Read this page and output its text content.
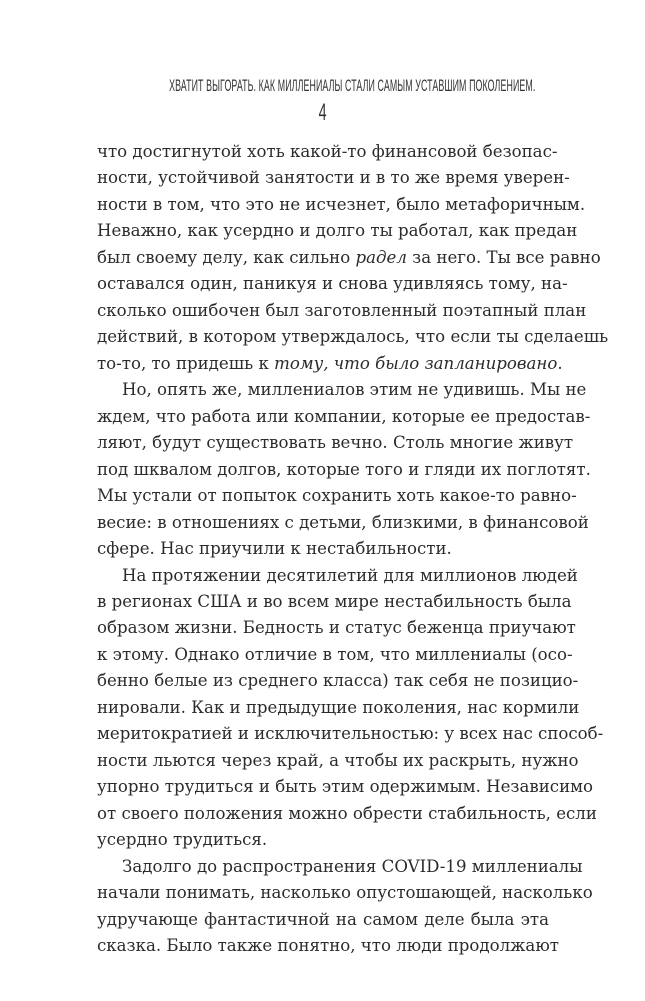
ХВАТИТ ВЫГОРАТЬ. КАК МИЛЛЕНИАЛЫ СТАЛИ САМЫМ УСТАВШИМ ПОКОЛЕНИЕМ.
4
что достигнутой хоть какой-то финансовой безопас-
ности, устойчивой занятости и в то же время уверен-
ности в том, что это не исчезнет, было метафоричным.
Неважно, как усердно и долго ты работал, как предан
был своему делу, как сильно радел за него. Ты все равно
оставался один, паникуя и снова удивляясь тому, на-
сколько ошибочен был заготовленный поэтапный план
действий, в котором утверждалось, что если ты сделаешь
то-то, то придешь к тому, что было запланировано.
Но, опять же, миллениалов этим не удивишь. Мы не
ждем, что работа или компании, которые ее предостав-
ляют, будут существовать вечно. Столь многие живут
под шквалом долгов, которые того и гляди их поглотят.
Мы устали от попыток сохранить хоть какое-то равно-
весие: в отношениях с детьми, близкими, в финансовой
сфере. Нас приучили к нестабильности.
На протяжении десятилетий для миллионов людей
в регионах США и во всем мире нестабильность была
образом жизни. Бедность и статус беженца приучают
к этому. Однако отличие в том, что миллениалы (осо-
бенно белые из среднего класса) так себя не позицио-
нировали. Как и предыдущие поколения, нас кормили
меритократией и исключительностью: у всех нас способ-
ности льются через край, а чтобы их раскрыть, нужно
упорно трудиться и быть этим одержимым. Независимо
от своего положения можно обрести стабильность, если
усердно трудиться.
Задолго до распространения COVID-19 миллениалы
начали понимать, насколько опустошающей, насколько
удручающе фантастичной на самом деле была эта
сказка. Было также понятно, что люди продолжают
